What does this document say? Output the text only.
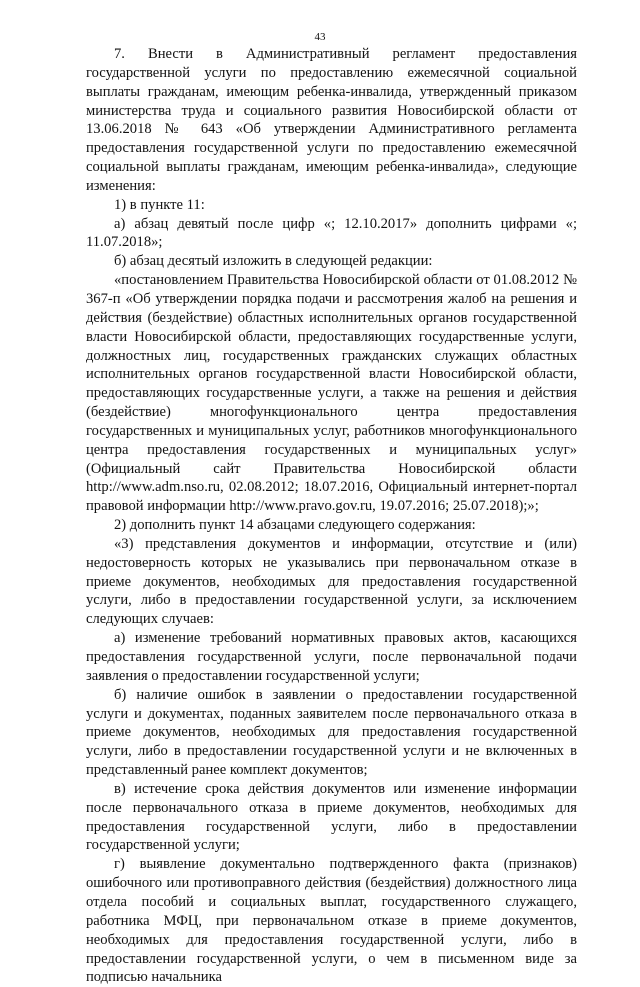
43

7. Внести в Административный регламент предоставления государственной услуги по предоставлению ежемесячной социальной выплаты гражданам, имеющим ребенка-инвалида, утвержденный приказом министерства труда и социального развития Новосибирской области от 13.06.2018 № 643 «Об утверждении Административного регламента предоставления государственной услуги по предоставлению ежемесячной социальной выплаты гражданам, имеющим ребенка-инвалида», следующие изменения:

1) в пункте 11:

а) абзац девятый после цифр «; 12.10.2017» дополнить цифрами «; 11.07.2018»;

б) абзац десятый изложить в следующей редакции:

«постановлением Правительства Новосибирской области от 01.08.2012 № 367-п «Об утверждении порядка подачи и рассмотрения жалоб на решения и действия (бездействие) областных исполнительных органов государственной власти Новосибирской области, предоставляющих государственные услуги, должностных лиц, государственных гражданских служащих областных исполнительных органов государственной власти Новосибирской области, предоставляющих государственные услуги, а также на решения и действия (бездействие) многофункционального центра предоставления государственных и муниципальных услуг, работников многофункционального центра предоставления государственных и муниципальных услуг» (Официальный сайт Правительства Новосибирской области http://www.adm.nso.ru, 02.08.2012; 18.07.2016, Официальный интернет-портал правовой информации http://www.pravo.gov.ru, 19.07.2016; 25.07.2018);»;

2) дополнить пункт 14 абзацами следующего содержания:

«3) представления документов и информации, отсутствие и (или) недостоверность которых не указывались при первоначальном отказе в приеме документов, необходимых для предоставления государственной услуги, либо в предоставлении государственной услуги, за исключением следующих случаев:

а) изменение требований нормативных правовых актов, касающихся предоставления государственной услуги, после первоначальной подачи заявления о предоставлении государственной услуги;

б) наличие ошибок в заявлении о предоставлении государственной услуги и документах, поданных заявителем после первоначального отказа в приеме документов, необходимых для предоставления государственной услуги, либо в предоставлении государственной услуги и не включенных в представленный ранее комплект документов;

в) истечение срока действия документов или изменение информации после первоначального отказа в приеме документов, необходимых для предоставления государственной услуги, либо в предоставлении государственной услуги;

г) выявление документально подтвержденного факта (признаков) ошибочного или противоправного действия (бездействия) должностного лица отдела пособий и социальных выплат, государственного служащего, работника МФЦ, при первоначальном отказе в приеме документов, необходимых для предоставления государственной услуги, либо в предоставлении государственной услуги, о чем в письменном виде за подписью начальника
